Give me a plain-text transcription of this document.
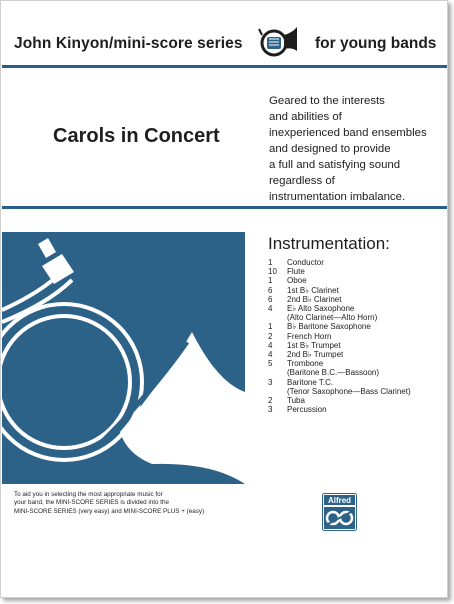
John Kinyon/mini-score series	for young bands
Carols in Concert
Geared to the interests
and abilities of
inexperienced band ensembles
and designed to provide
a full and satisfying sound
regardless of
instrumentation imbalance.
Instrumentation:
1	Conductor
10	Flute
1	Oboe
6	1st B♭ Clarinet
6	2nd B♭ Clarinet
4	E♭ Alto Saxophone
(Alto Clarinet—Alto Horn)
1	B♭ Baritone Saxophone
2	French Horn
4	1st B♭ Trumpet
4	2nd B♭ Trumpet
5	Trombone
(Baritone B.C.—Bassoon)
3	Baritone T.C.
(Tenor Saxophone—Bass Clarinet)
2	Tuba
3	Percussion
To aid you in selecting the most appropriate music for
your band, the MINI-SCORE SERIES is divided into the
MINI-SCORE SERIES (very easy) and MINI-SCORE PLUS + (easy)
Alfred
